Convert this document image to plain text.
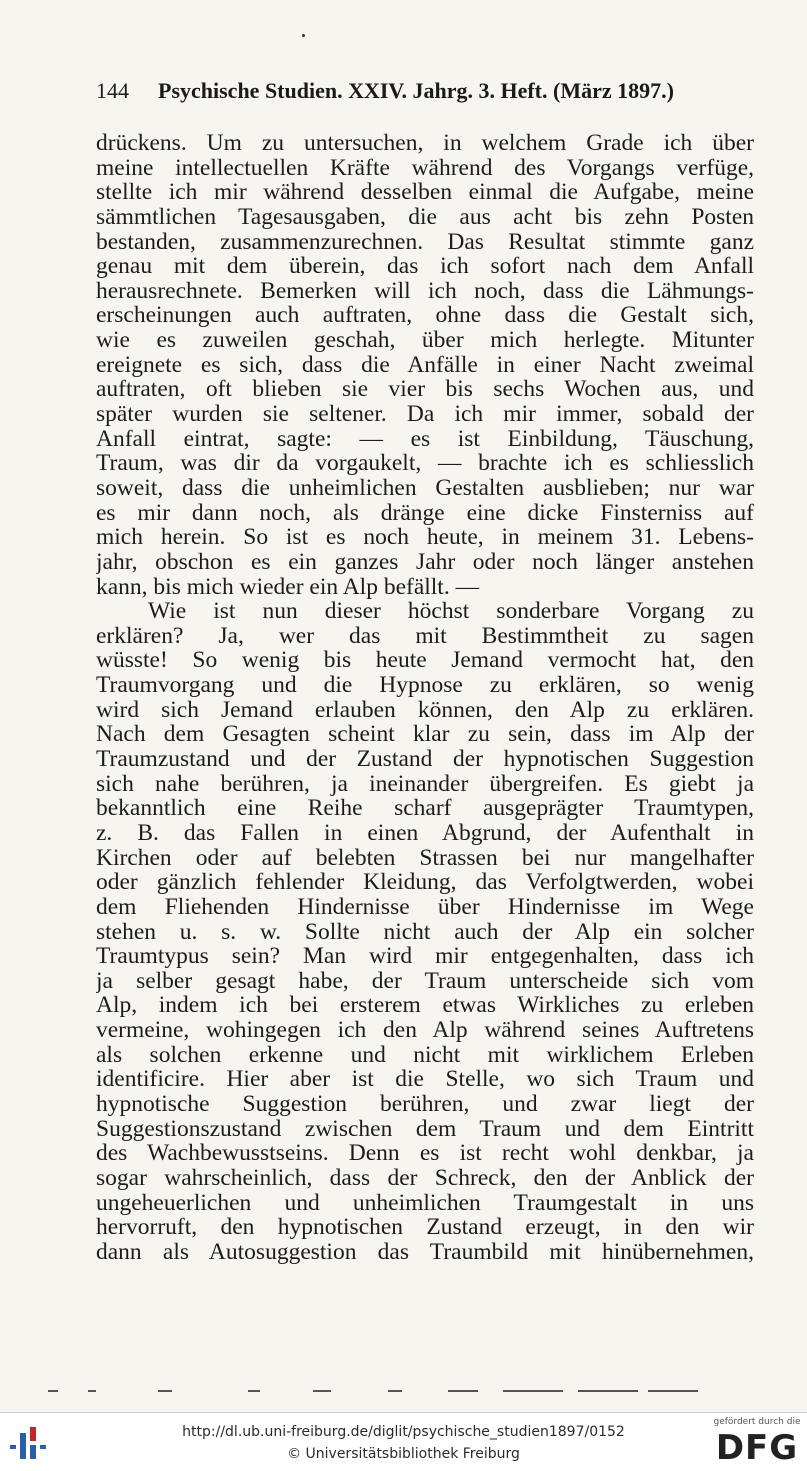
144 Psychische Studien. XXIV. Jahrg. 3. Heft. (März 1897.)
drückens. Um zu untersuchen, in welchem Grade ich über
meine intellectuellen Kräfte während des Vorgangs verfüge,
stellte ich mir während desselben einmal die Aufgabe, meine
sämmtlichen Tagesausgaben, die aus acht bis zehn Posten
bestanden, zusammenzurechnen. Das Resultat stimmte ganz
genau mit dem überein, das ich sofort nach dem Anfall
herausrechnete. Bemerken will ich noch, dass die Lähmungs-
erscheinungen auch auftraten, ohne dass die Gestalt sich,
wie es zuweilen geschah, über mich herlegte. Mitunter
ereignete es sich, dass die Anfälle in einer Nacht zweimal
auftraten, oft blieben sie vier bis sechs Wochen aus, und
später wurden sie seltener. Da ich mir immer, sobald der
Anfall eintrat, sagte: — es ist Einbildung, Täuschung,
Traum, was dir da vorgaukelt, — brachte ich es schliesslich
soweit, dass die unheimlichen Gestalten ausblieben; nur war
es mir dann noch, als dränge eine dicke Finsterniss auf
mich herein. So ist es noch heute, in meinem 31. Lebens-
jahr, obschon es ein ganzes Jahr oder noch länger anstehen
kann, bis mich wieder ein Alp befällt. —
Wie ist nun dieser höchst sonderbare Vorgang zu
erklären? Ja, wer das mit Bestimmtheit zu sagen
wüsste! So wenig bis heute Jemand vermocht hat, den
Traumvorgang und die Hypnose zu erklären, so wenig
wird sich Jemand erlauben können, den Alp zu erklären.
Nach dem Gesagten scheint klar zu sein, dass im Alp der
Traumzustand und der Zustand der hypnotischen Suggestion
sich nahe berühren, ja ineinander übergreifen. Es giebt ja
bekanntlich eine Reihe scharf ausgeprägter Traumtypen,
z. B. das Fallen in einen Abgrund, der Aufenthalt in
Kirchen oder auf belebten Strassen bei nur mangelhafter
oder gänzlich fehlender Kleidung, das Verfolgtwerden, wobei
dem Fliehenden Hindernisse über Hindernisse im Wege
stehen u. s. w. Sollte nicht auch der Alp ein solcher
Traumtypus sein? Man wird mir entgegenhalten, dass ich
ja selber gesagt habe, der Traum unterscheide sich vom
Alp, indem ich bei ersterem etwas Wirkliches zu erleben
vermeine, wohingegen ich den Alp während seines Auftretens
als solchen erkenne und nicht mit wirklichem Erleben
identificire. Hier aber ist die Stelle, wo sich Traum und
hypnotische Suggestion berühren, und zwar liegt der
Suggestionszustand zwischen dem Traum und dem Eintritt
des Wachbewusstseins. Denn es ist recht wohl denkbar, ja
sogar wahrscheinlich, dass der Schreck, den der Anblick der
ungeheuerlichen und unheimlichen Traumgestalt in uns
hervorruft, den hypnotischen Zustand erzeugt, in den wir
dann als Autosuggestion das Traumbild mit hinübernehmen,
http://dl.ub.uni-freiburg.de/diglit/psychische_studien1897/0152
© Universitätsbibliothek Freiburg
gefördert durch die
DFG
